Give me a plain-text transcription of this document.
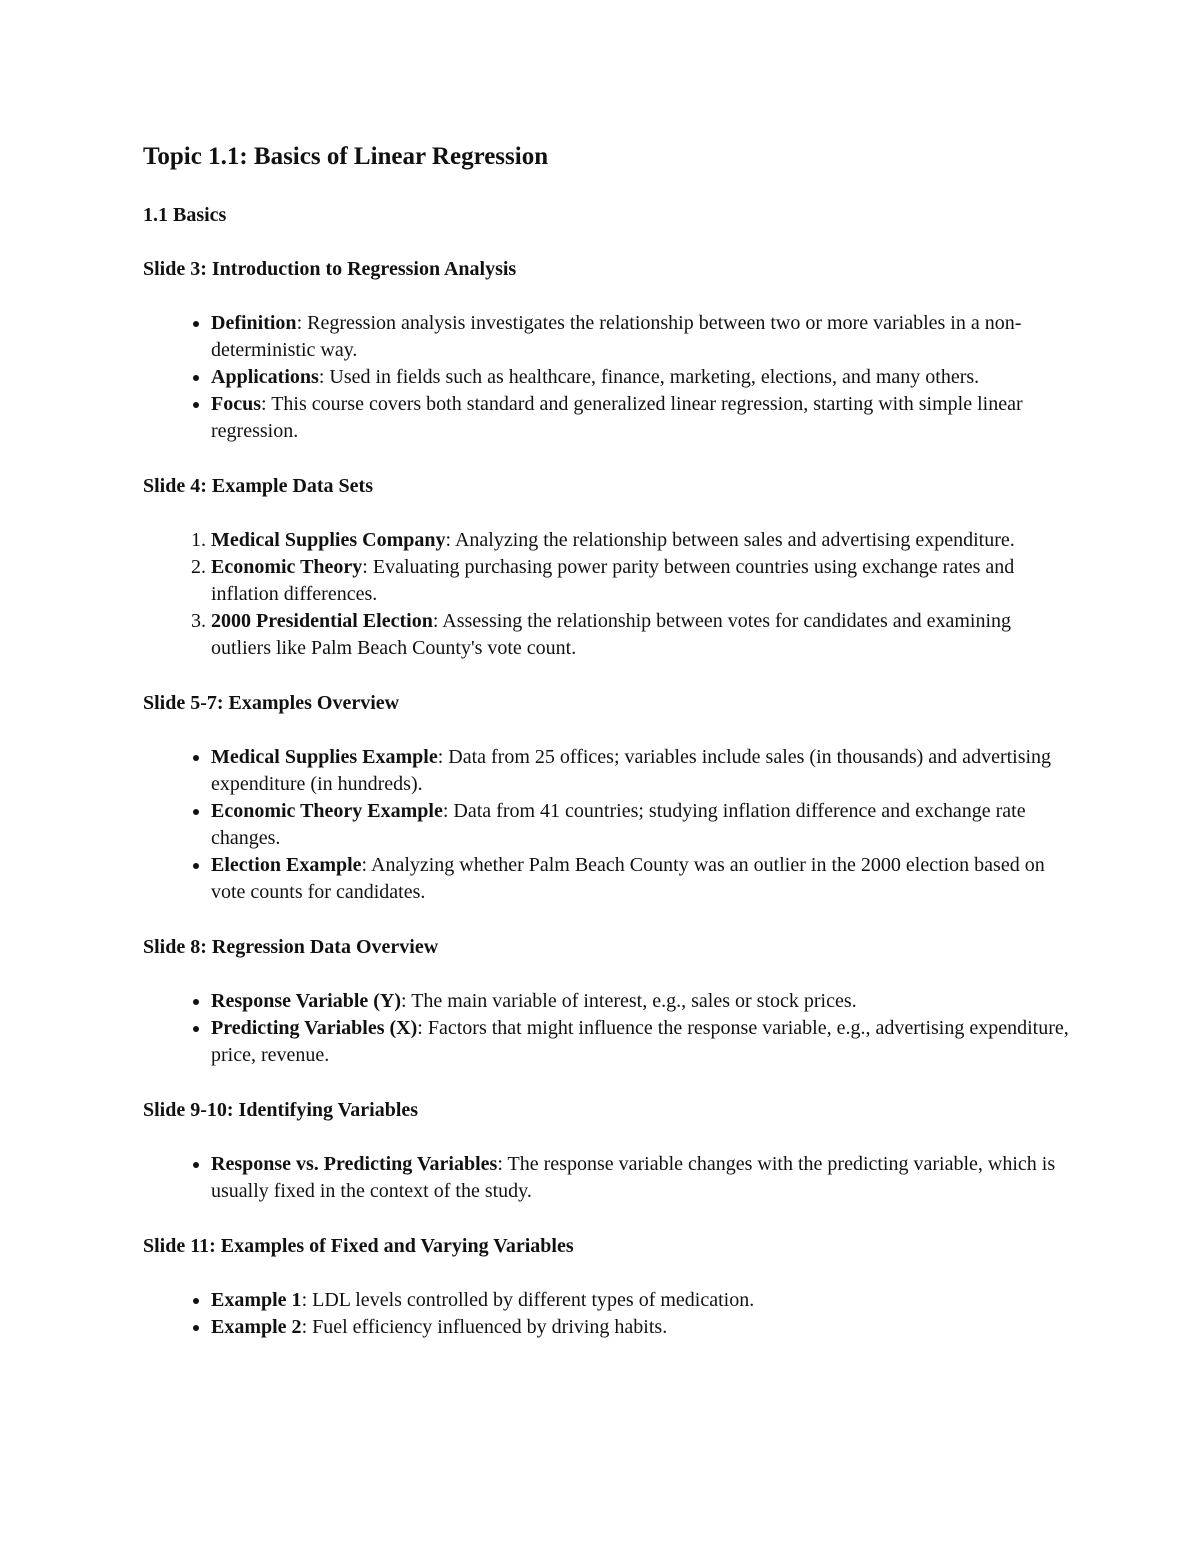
Topic 1.1: Basics of Linear Regression
1.1 Basics
Slide 3: Introduction to Regression Analysis
• Definition: Regression analysis investigates the relationship between two or more variables in a non-deterministic way.
• Applications: Used in fields such as healthcare, finance, marketing, elections, and many others.
• Focus: This course covers both standard and generalized linear regression, starting with simple linear regression.
Slide 4: Example Data Sets
1. Medical Supplies Company: Analyzing the relationship between sales and advertising expenditure.
2. Economic Theory: Evaluating purchasing power parity between countries using exchange rates and inflation differences.
3. 2000 Presidential Election: Assessing the relationship between votes for candidates and examining outliers like Palm Beach County's vote count.
Slide 5-7: Examples Overview
• Medical Supplies Example: Data from 25 offices; variables include sales (in thousands) and advertising expenditure (in hundreds).
• Economic Theory Example: Data from 41 countries; studying inflation difference and exchange rate changes.
• Election Example: Analyzing whether Palm Beach County was an outlier in the 2000 election based on vote counts for candidates.
Slide 8: Regression Data Overview
• Response Variable (Y): The main variable of interest, e.g., sales or stock prices.
• Predicting Variables (X): Factors that might influence the response variable, e.g., advertising expenditure, price, revenue.
Slide 9-10: Identifying Variables
• Response vs. Predicting Variables: The response variable changes with the predicting variable, which is usually fixed in the context of the study.
Slide 11: Examples of Fixed and Varying Variables
• Example 1: LDL levels controlled by different types of medication.
• Example 2: Fuel efficiency influenced by driving habits.
